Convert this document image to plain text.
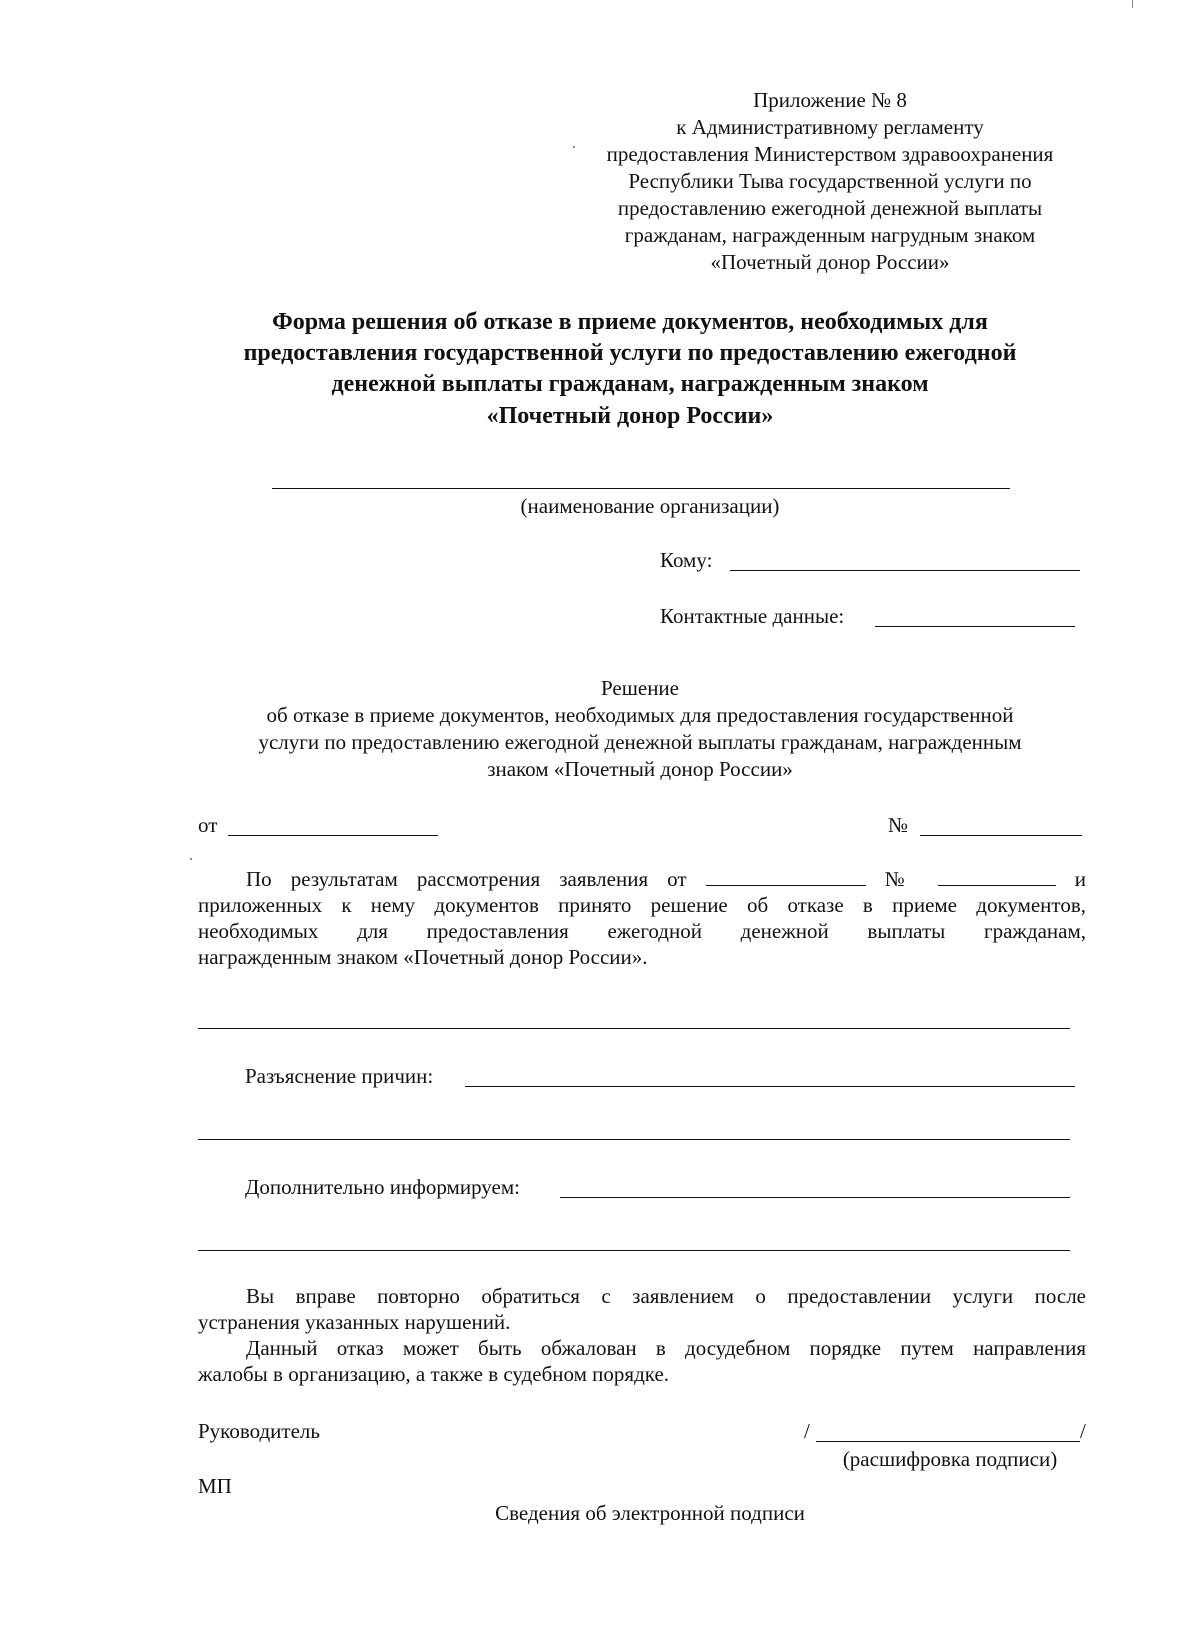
Приложение № 8
к Административному регламенту
предоставления Министерством здравоохранения
Республики Тыва государственной услуги по
предоставлению ежегодной денежной выплаты
гражданам, награжденным нагрудным знаком
«Почетный донор России»
Форма решения об отказе в приеме документов, необходимых для
предоставления государственной услуги по предоставлению ежегодной
денежной выплаты гражданам, награжденным знаком
«Почетный донор России»
(наименование организации)
Кому:
Контактные данные:
Решение
об отказе в приеме документов, необходимых для предоставления государственной
услуги по предоставлению ежегодной денежной выплаты гражданам, награжденным
знаком «Почетный донор России»
от	№
По результатам рассмотрения заявления от	№	и
приложенных к нему документов принято решение об отказе в приеме документов,
необходимых для предоставления ежегодной денежной выплаты гражданам,
награжденным знаком «Почетный донор России».
Разъяснение причин:
Дополнительно информируем:
Вы вправе повторно обратиться с заявлением о предоставлении услуги после
устранения указанных нарушений.
Данный отказ может быть обжалован в досудебном порядке путем направления
жалобы в организацию, а также в судебном порядке.
Руководитель	/	/
(расшифровка подписи)
МП
Сведения об электронной подписи
